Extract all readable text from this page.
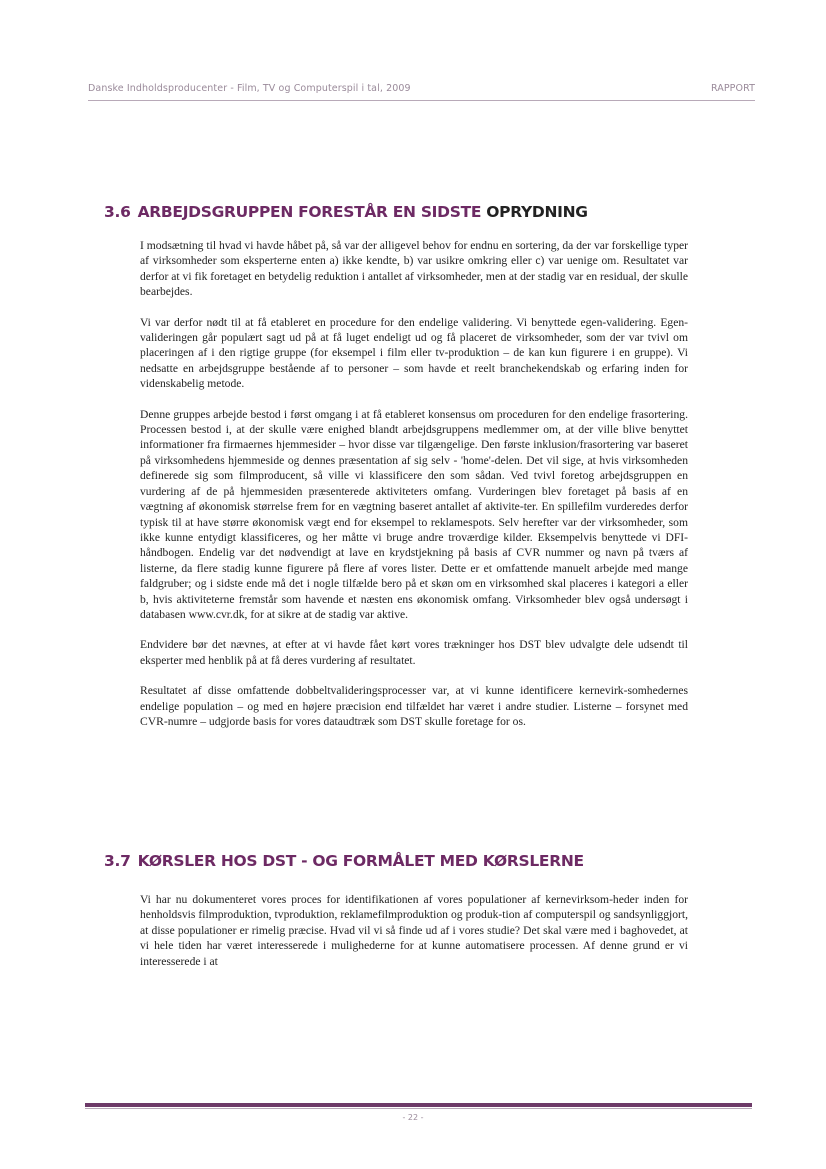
Danske Indholdsproducenter - Film, TV og Computerspil i tal, 2009	RAPPORT
3.6 ARBEJDSGRUPPEN FORESTÅR EN SIDSTE OPRYDNING

I modsætning til hvad vi havde håbet på, så var der alligevel behov for endnu en sortering, da der var forskellige typer af virksomheder som eksperterne enten a) ikke kendte, b) var usikre omkring eller c) var uenige om. Resultatet var derfor at vi fik foretaget en betydelig reduktion i antallet af virksomheder, men at der stadig var en residual, der skulle bearbejdes.

Vi var derfor nødt til at få etableret en procedure for den endelige validering. Vi benyttede egen-validering. Egen-valideringen går populært sagt ud på at få luget endeligt ud og få placeret de virksomheder, som der var tvivl om placeringen af i den rigtige gruppe (for eksempel i film eller tv-produktion – de kan kun figurere i en gruppe). Vi nedsatte en arbejdsgruppe bestående af to personer – som havde et reelt branchekendskab og erfaring inden for videnskabelig metode.

Denne gruppes arbejde bestod i først omgang i at få etableret konsensus om proceduren for den endelige frasortering. Processen bestod i, at der skulle være enighed blandt arbejdsgruppens medlemmer om, at der ville blive benyttet informationer fra firmaernes hjemmesider – hvor disse var tilgængelige. Den første inklusion/frasortering var baseret på virksomhedens hjemmeside og dennes præsentation af sig selv - 'home'-delen. Det vil sige, at hvis virksomheden definerede sig som filmproducent, så ville vi klassificere den som sådan. Ved tvivl foretog arbejdsgruppen en vurdering af de på hjemmesiden præsenterede aktiviteters omfang. Vurderingen blev foretaget på basis af en vægtning af økonomisk størrelse frem for en vægtning baseret antallet af aktivite-ter. En spillefilm vurderedes derfor typisk til at have større økonomisk vægt end for eksempel to reklamespots. Selv herefter var der virksomheder, som ikke kunne entydigt klassificeres, og her måtte vi bruge andre troværdige kilder. Eksempelvis benyttede vi DFI-håndbogen. Endelig var det nødvendigt at lave en krydstjekning på basis af CVR nummer og navn på tværs af listerne, da flere stadig kunne figurere på flere af vores lister. Dette er et omfattende manuelt arbejde med mange faldgruber; og i sidste ende må det i nogle tilfælde bero på et skøn om en virksomhed skal placeres i kategori a eller b, hvis aktiviteterne fremstår som havende et næsten ens økonomisk omfang. Virksomheder blev også undersøgt i databasen www.cvr.dk, for at sikre at de stadig var aktive.

Endvidere bør det nævnes, at efter at vi havde fået kørt vores trækninger hos DST blev udvalgte dele udsendt til eksperter med henblik på at få deres vurdering af resultatet.

Resultatet af disse omfattende dobbeltvalideringsprocesser var, at vi kunne identificere kernevirk-somhedernes endelige population – og med en højere præcision end tilfældet har været i andre studier. Listerne – forsynet med CVR-numre – udgjorde basis for vores dataudtræk som DST skulle foretage for os.

3.7 KØRSLER HOS DST - OG FORMÅLET MED KØRSLERNE

Vi har nu dokumenteret vores proces for identifikationen af vores populationer af kernevirksom-heder inden for henholdsvis filmproduktion, tvproduktion, reklamefilmproduktion og produk-tion af computerspil og sandsynliggjort, at disse populationer er rimelig præcise. Hvad vil vi så finde ud af i vores studie? Det skal være med i baghovedet, at vi hele tiden har været interesserede i mulighederne for at kunne automatisere processen. Af denne grund er vi interesserede i at

- 22 -
